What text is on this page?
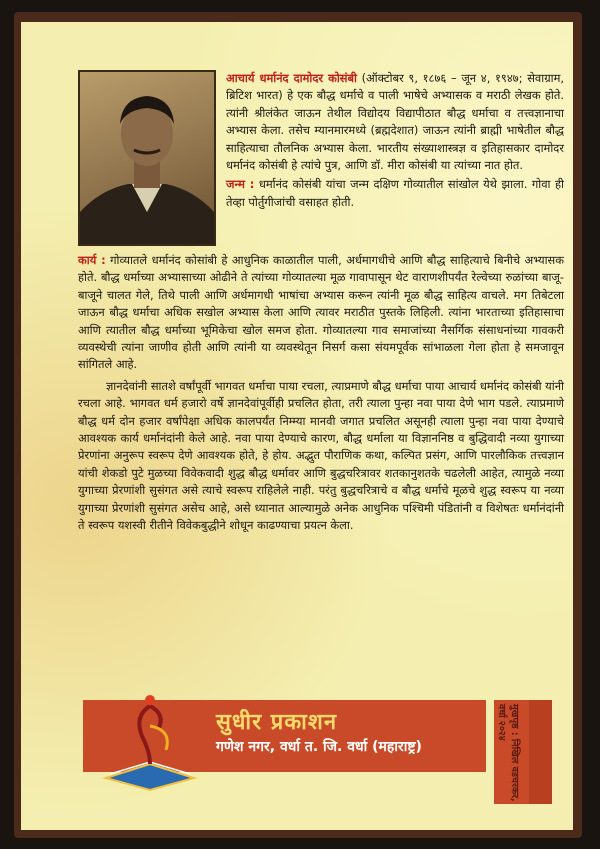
आचार्य धर्मानंद दामोदर कोसंबी (ऑक्टोबर ९, १८७६ – जून ४, १९४७; सेवाग्राम, ब्रिटिश भारत) हे एक बौद्ध धर्माचे व पाली भाषेचे अभ्यासक व मराठी लेखक होते. त्यांनी श्रीलंकेत जाऊन तेथील विद्योदय विद्यापीठात बौद्ध धर्माचा व तत्त्वज्ञानाचा अभ्यास केला. तसेच म्यानमारमध्ये (ब्रह्मदेशात) जाऊन त्यांनी ब्राह्मी भाषेतील बौद्ध साहित्याचा तौलनिक अभ्यास केला. भारतीय संख्याशास्त्रज्ञ व इतिहासकार दामोदर धर्मानंद कोसंबी हे त्यांचे पुत्र, आणि डॉ. मीरा कोसंबी या त्यांच्या नात होत.

जन्म : धर्मानंद कोसंबी यांचा जन्म दक्षिण गोव्यातील सांखोल येथे झाला. गोवा ही तेव्हा पोर्तुगीजांची वसाहत होती.

कार्य : गोव्यातले धर्मानंद कोसांबी हे आधुनिक काळातील पाली, अर्धमागधीचे आणि बौद्ध साहित्याचे बिनीचे अभ्यासक होते. बौद्ध धर्माच्या अभ्यासाच्या ओढीने ते त्यांच्या गोव्यातल्या मूळ गावापासून थेट वाराणशीपर्यंत रेल्वेच्या रुळांच्या बाजू- बाजूने चालत गेले, तिथे पाली आणि अर्धमागधी भाषांचा अभ्यास करून त्यांनी मूळ बौद्ध साहित्य वाचले. मग तिबेटला जाऊन बौद्ध धर्माचा अधिक सखोल अभ्यास केला आणि त्यावर मराठीत पुस्तके लिहिली. त्यांना भारताच्या इतिहासाचा आणि त्यातील बौद्ध धर्माच्या भूमिकेचा खोल समज होता. गोव्यातल्या गाव समाजांच्या नैसर्गिक संसाधनांच्या गावकरी व्यवस्थेची त्यांना जाणीव होती आणि त्यांनी या व्यवस्थेतून निसर्ग कसा संयमपूर्वक सांभाळला गेला होता हे समजावून सांगितले आहे.

ज्ञानदेवांनी सातशे वर्षांपूर्वी भागवत धर्माचा पाया रचला, त्याप्रमाणे बौद्ध धर्माचा पाया आचार्य धर्मानंद कोसंबी यांनी रचला आहे. भागवत धर्म हजारो वर्षे ज्ञानदेवांपूर्वीही प्रचलित होता, तरी त्याला पुन्हा नवा पाया देणे भाग पडले. त्याप्रमाणे बौद्ध धर्म दोन हजार वर्षांपेक्षा अधिक कालपर्यंत निम्म्या मानवी जगात प्रचलित असूनही त्याला पुन्हा नवा पाया देण्याचे आवश्यक कार्य धर्मानंदांनी केले आहे. नवा पाया देण्याचे कारण, बौद्ध धर्माला या विज्ञाननिष्ठ व बुद्धिवादी नव्या युगाच्या प्रेरणांना अनुरूप स्वरूप देणे आवश्यक होते, हे होय. अद्भुत पौराणिक कथा, कल्पित प्रसंग, आणि पारलौकिक तत्त्वज्ञान यांची शेकडो पुटे मुळच्या विवेकवादी शुद्ध बौद्ध धर्मावर आणि बुद्धचरित्रावर शतकानुशतके चढलेली आहेत, त्यामुळे नव्या युगाच्या प्रेरणांशी सुसंगत असे त्याचे स्वरूप राहिलेले नाही. परंतु बुद्धचरित्राचे व बौद्ध धर्माचे मूळचे शुद्ध स्वरूप या नव्या युगाच्या प्रेरणांशी सुसंगत असेच आहे, असे ध्यानात आल्यामुळे अनेक आधुनिक पश्चिमी पंडितांनी व विशेषतः धर्मानंदांनी ते स्वरूप यशस्वी रीतीने विवेकबुद्धीने शोधून काढण्याचा प्रयत्न केला.

सुधीर प्रकाशन
गणेश नगर, वर्धा त. जि. वर्धा (महाराष्ट्र)	मुखपृष्ठ : निखिल वडचरकर, वर्धा २०२४
